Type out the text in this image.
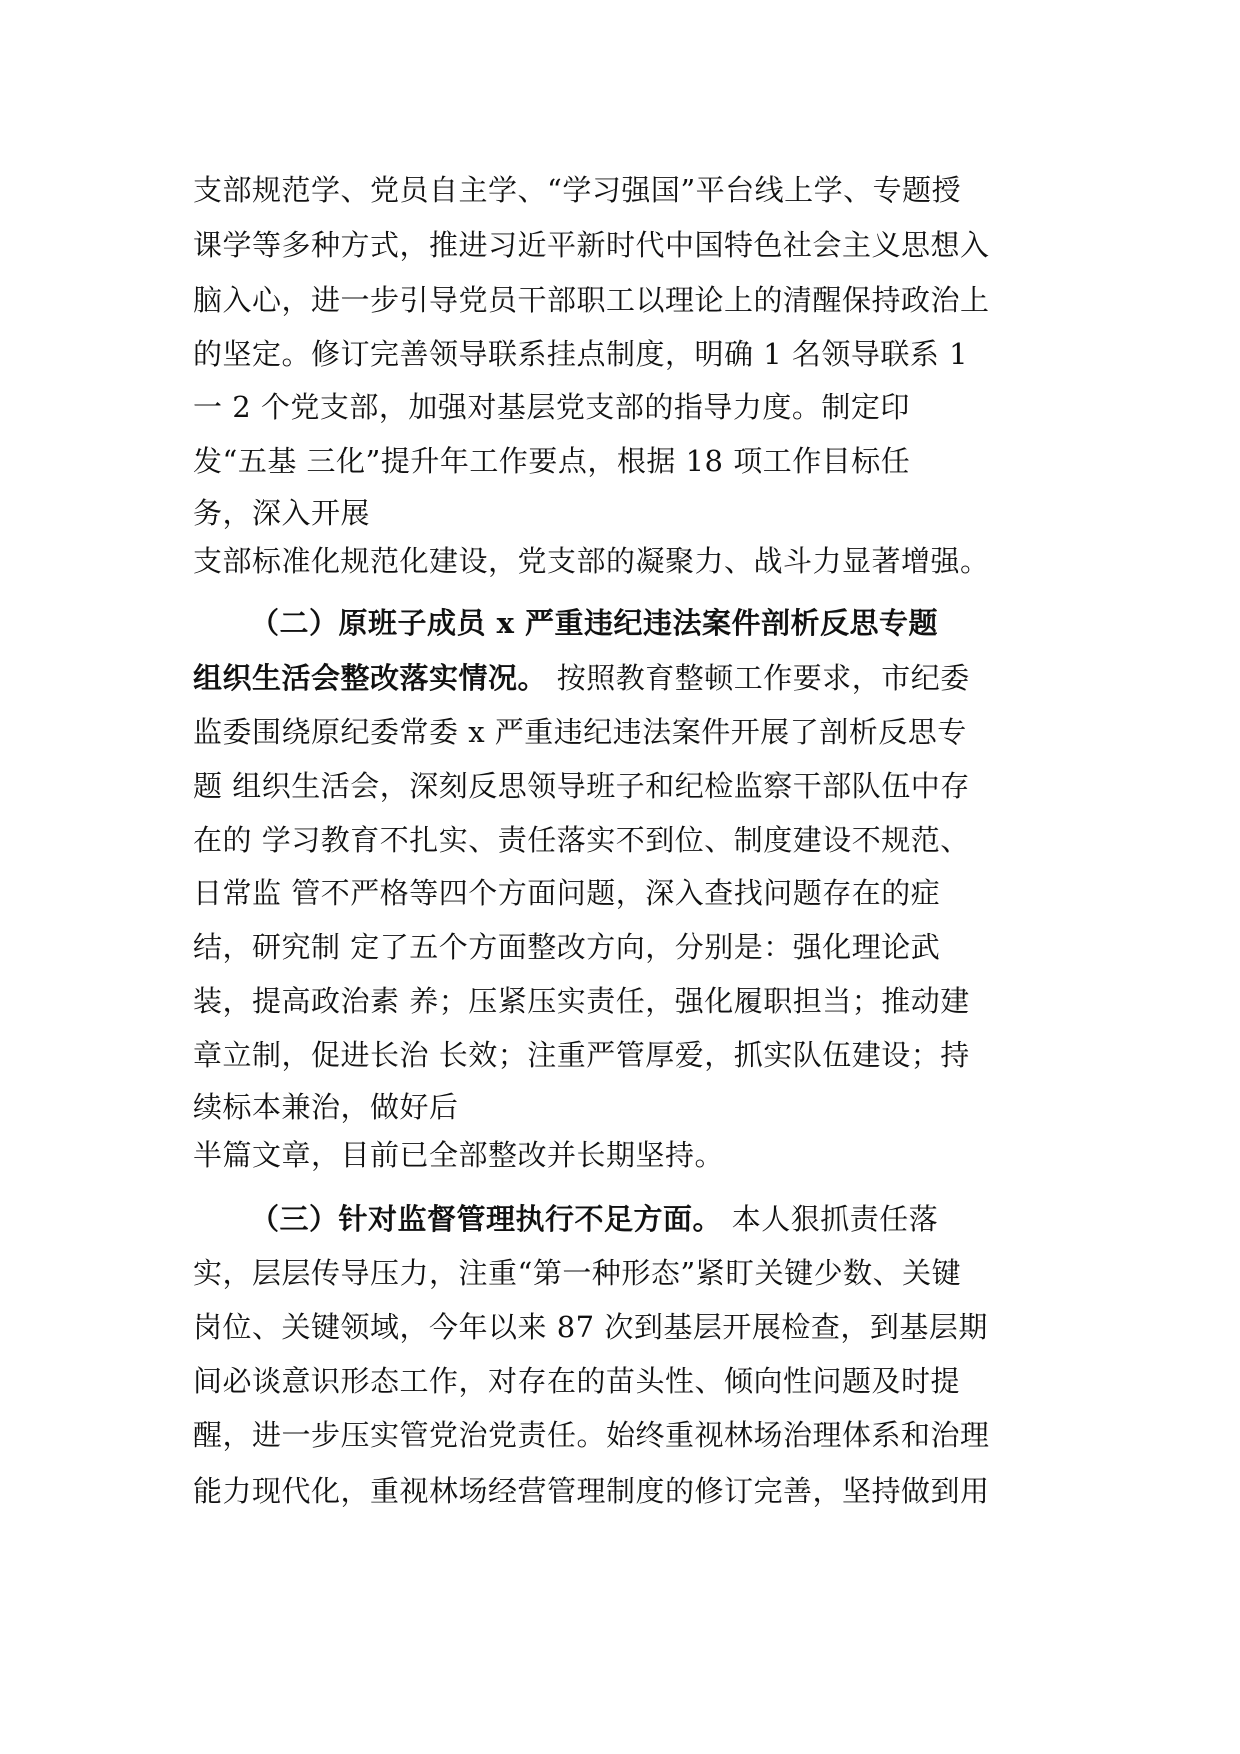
支部规范学、党员自主学、“学习强国”平台线上学、专题授
课学等多种方式，推进习近平新时代中国特色社会主义思想入
脑入心，进一步引导党员干部职工以理论上的清醒保持政治上
的坚定。修订完善领导联系挂点制度，明确 1 名领导联系 1
一 2 个党支部，加强对基层党支部的指导力度。制定印
发“五基 三化”提升年工作要点，根据 18 项工作目标任
务，深入开展
支部标准化规范化建设，党支部的凝聚力、战斗力显著增强。
（二）原班子成员 x 严重违纪违法案件剖析反思专题
组织生活会整改落实情况。 按照教育整顿工作要求，市纪委
监委围绕原纪委常委 x 严重违纪违法案件开展了剖析反思专
题 组织生活会，深刻反思领导班子和纪检监察干部队伍中存
在的 学习教育不扎实、责任落实不到位、制度建设不规范、
日常监 管不严格等四个方面问题，深入查找问题存在的症
结，研究制 定了五个方面整改方向，分别是：强化理论武
装，提高政治素 养；压紧压实责任，强化履职担当；推动建
章立制，促进长治 长效；注重严管厚爱，抓实队伍建设；持
续标本兼治，做好后
半篇文章，目前已全部整改并长期坚持。
（三）针对监督管理执行不足方面。 本人狠抓责任落
实，层层传导压力，注重“第一种形态”紧盯关键少数、关键
岗位、关键领域，今年以来 87 次到基层开展检查，到基层期
间必谈意识形态工作，对存在的苗头性、倾向性问题及时提
醒，进一步压实管党治党责任。始终重视林场治理体系和治理
能力现代化，重视林场经营管理制度的修订完善，坚持做到用
